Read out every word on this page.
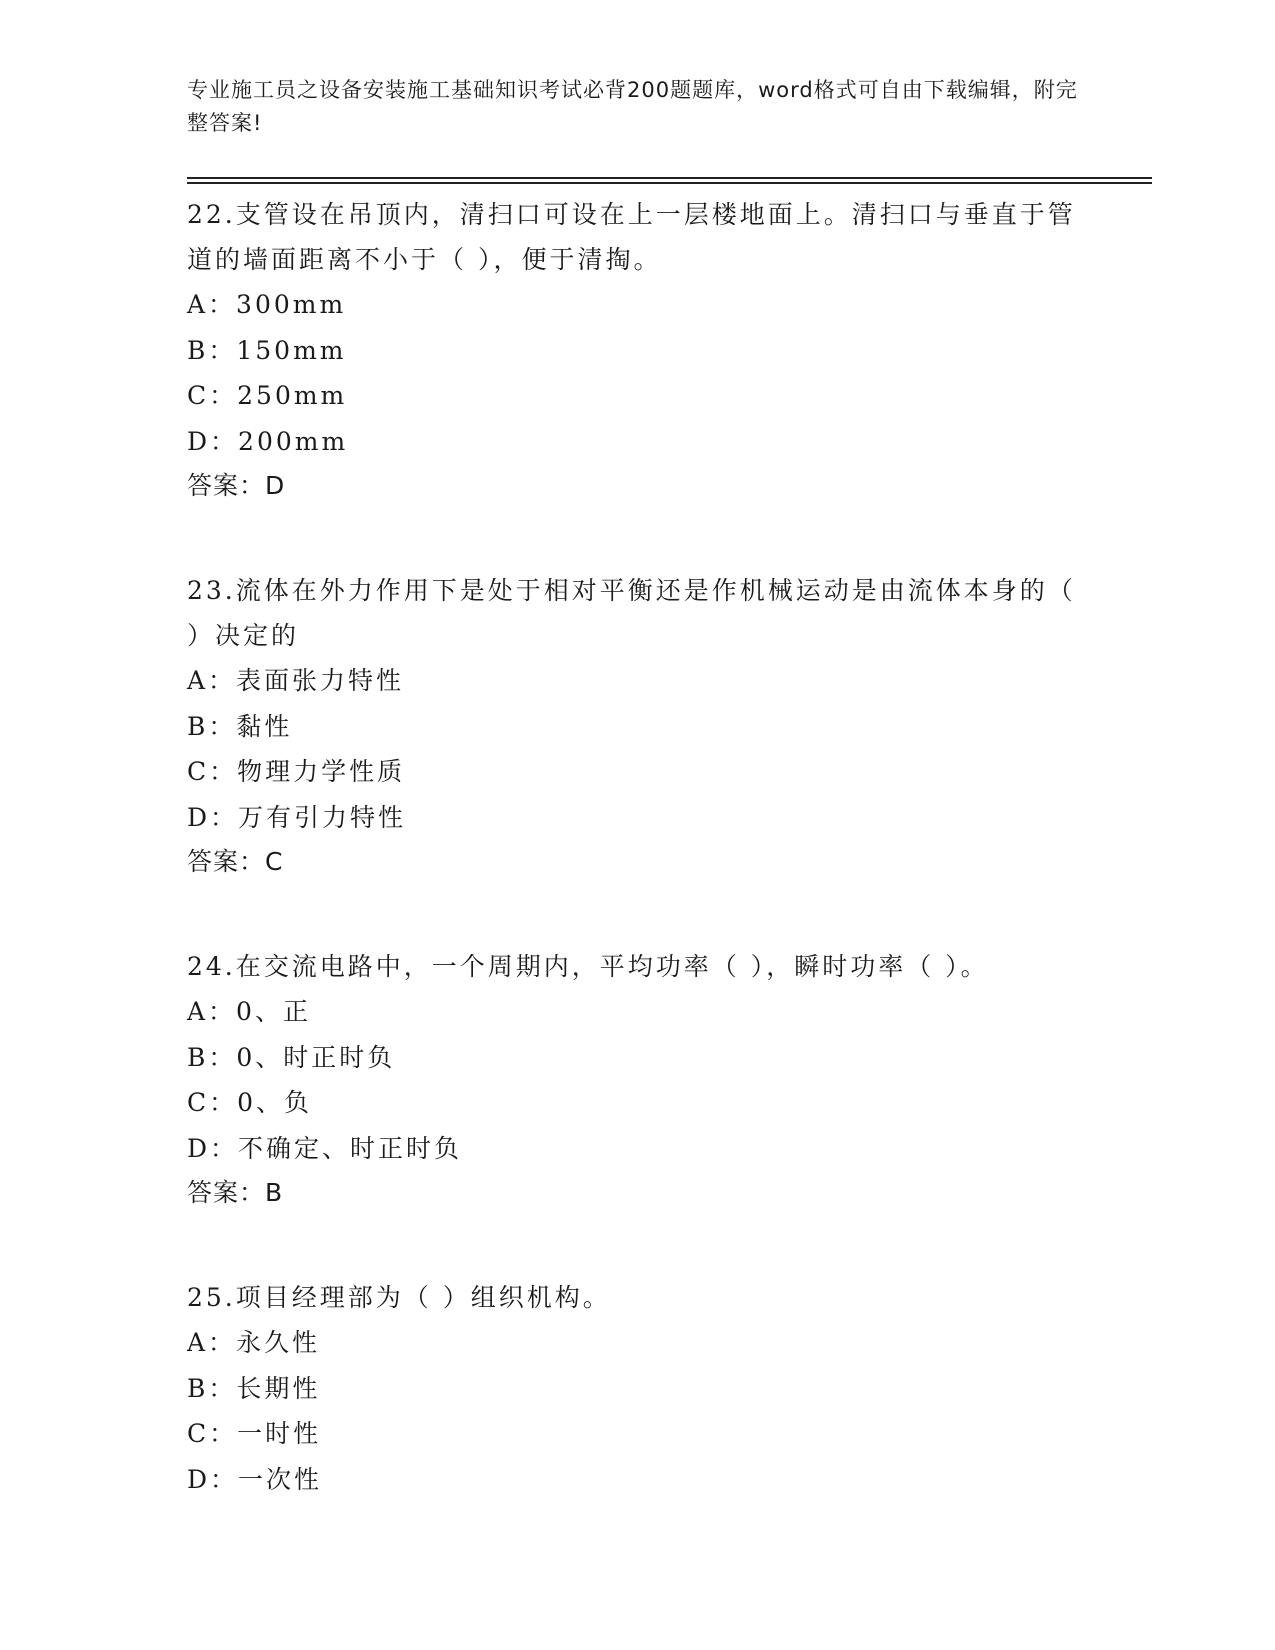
专业施工员之设备安装施工基础知识考试必背200题题库，word格式可自由下载编辑，附完整答案!

22.支管设在吊顶内，清扫口可设在上一层楼地面上。清扫口与垂直于管道的墙面距离不小于（ ），便于清掏。

A：300mm

B：150mm

C：250mm

D：200mm

答案：D

23.流体在外力作用下是处于相对平衡还是作机械运动是由流体本身的（ ）决定的

A：表面张力特性

B：黏性

C：物理力学性质

D：万有引力特性

答案：C

24.在交流电路中，一个周期内，平均功率（ ），瞬时功率（ ）。

A：0、正

B：0、时正时负

C：0、负

D：不确定、时正时负

答案：B

25.项目经理部为（ ）组织机构。

A：永久性

B：长期性

C：一时性

D：一次性
